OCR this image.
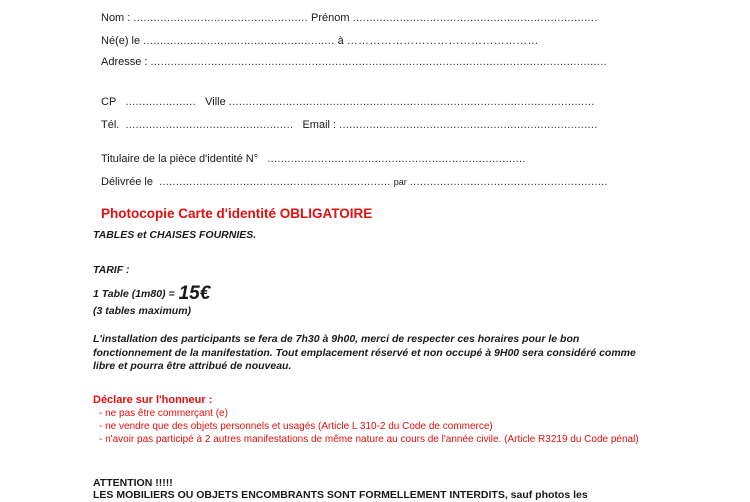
Nom : .................................................... Prénom .........................................................................
Né(e) le ......................................................... à ……………………………………………
Adresse : ........................................................................................................................................
CP ..................... Ville .............................................................................................................
Tél. .................................................. Email : .............................................................................
Titulaire de la pièce d'identité N° .............................................................................
Délivrée le ..................................................................... par ...........................................................
Photocopie Carte d'identité OBLIGATOIRE
TABLES et CHAISES FOURNIES.
TARIF :
1 Table (1m80) = 15€
(3 tables maximum)
L'installation des participants se fera de 7h30 à 9h00, merci de respecter ces horaires pour le bon fonctionnement de la manifestation. Tout emplacement réservé et non occupé à 9H00 sera considéré comme libre et pourra être attribué de nouveau.
Déclare sur l'honneur :
- ne pas être commerçant (e)
- ne vendre que des objets personnels et usagés (Article L 310-2 du Code de commerce)
- n'avoir pas participé à 2 autres manifestations de même nature au cours de l'année civile. (Article R3219 du Code pénal)
ATTENTION !!!!!
LES MOBILIERS OU OBJETS ENCOMBRANTS SONT FORMELLEMENT INTERDITS, sauf photos les
